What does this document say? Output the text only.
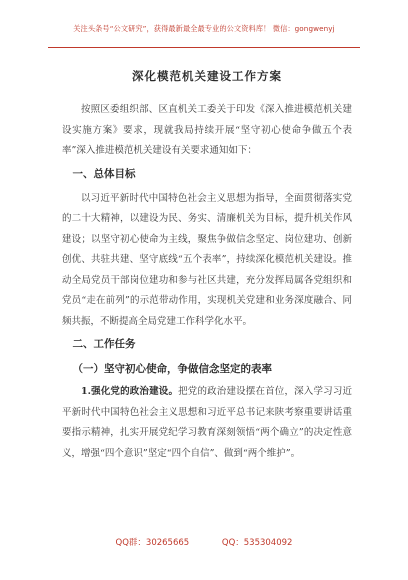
关注头条号“公文研究”，获得最新最全最专业的公文资料库！ 微信：gongwenyj
深化模范机关建设工作方案

按照区委组织部、区直机关工委关于印发《深入推进模范机关建设实施方案》要求，现就我局持续开展“坚守初心使命争做五个表率”深入推进模范机关建设有关要求通知如下：

一、总体目标

以习近平新时代中国特色社会主义思想为指导，全面贯彻落实党的二十大精神，以建设为民、务实、清廉机关为目标，提升机关作风建设；以坚守初心使命为主线，聚焦争做信念坚定、岗位建功、创新创优、共驻共建、坚守底线“五个表率”，持续深化模范机关建设。推动全局党员干部岗位建功和参与社区共建，充分发挥局属各党组织和党员“走在前列”的示范带动作用，实现机关党建和业务深度融合、同频共振，不断提高全局党建工作科学化水平。

二、工作任务
（一）坚守初心使命，争做信念坚定的表率

1.强化党的政治建设。把党的政治建设摆在首位，深入学习习近平新时代中国特色社会主义思想和习近平总书记来陕考察重要讲话重要指示精神，扎实开展党纪学习教育深刻领悟“两个确立”的决定性意义，增强“四个意识”坚定“四个自信”、做到“两个维护”。

QQ群：30265665	QQ：535304092
